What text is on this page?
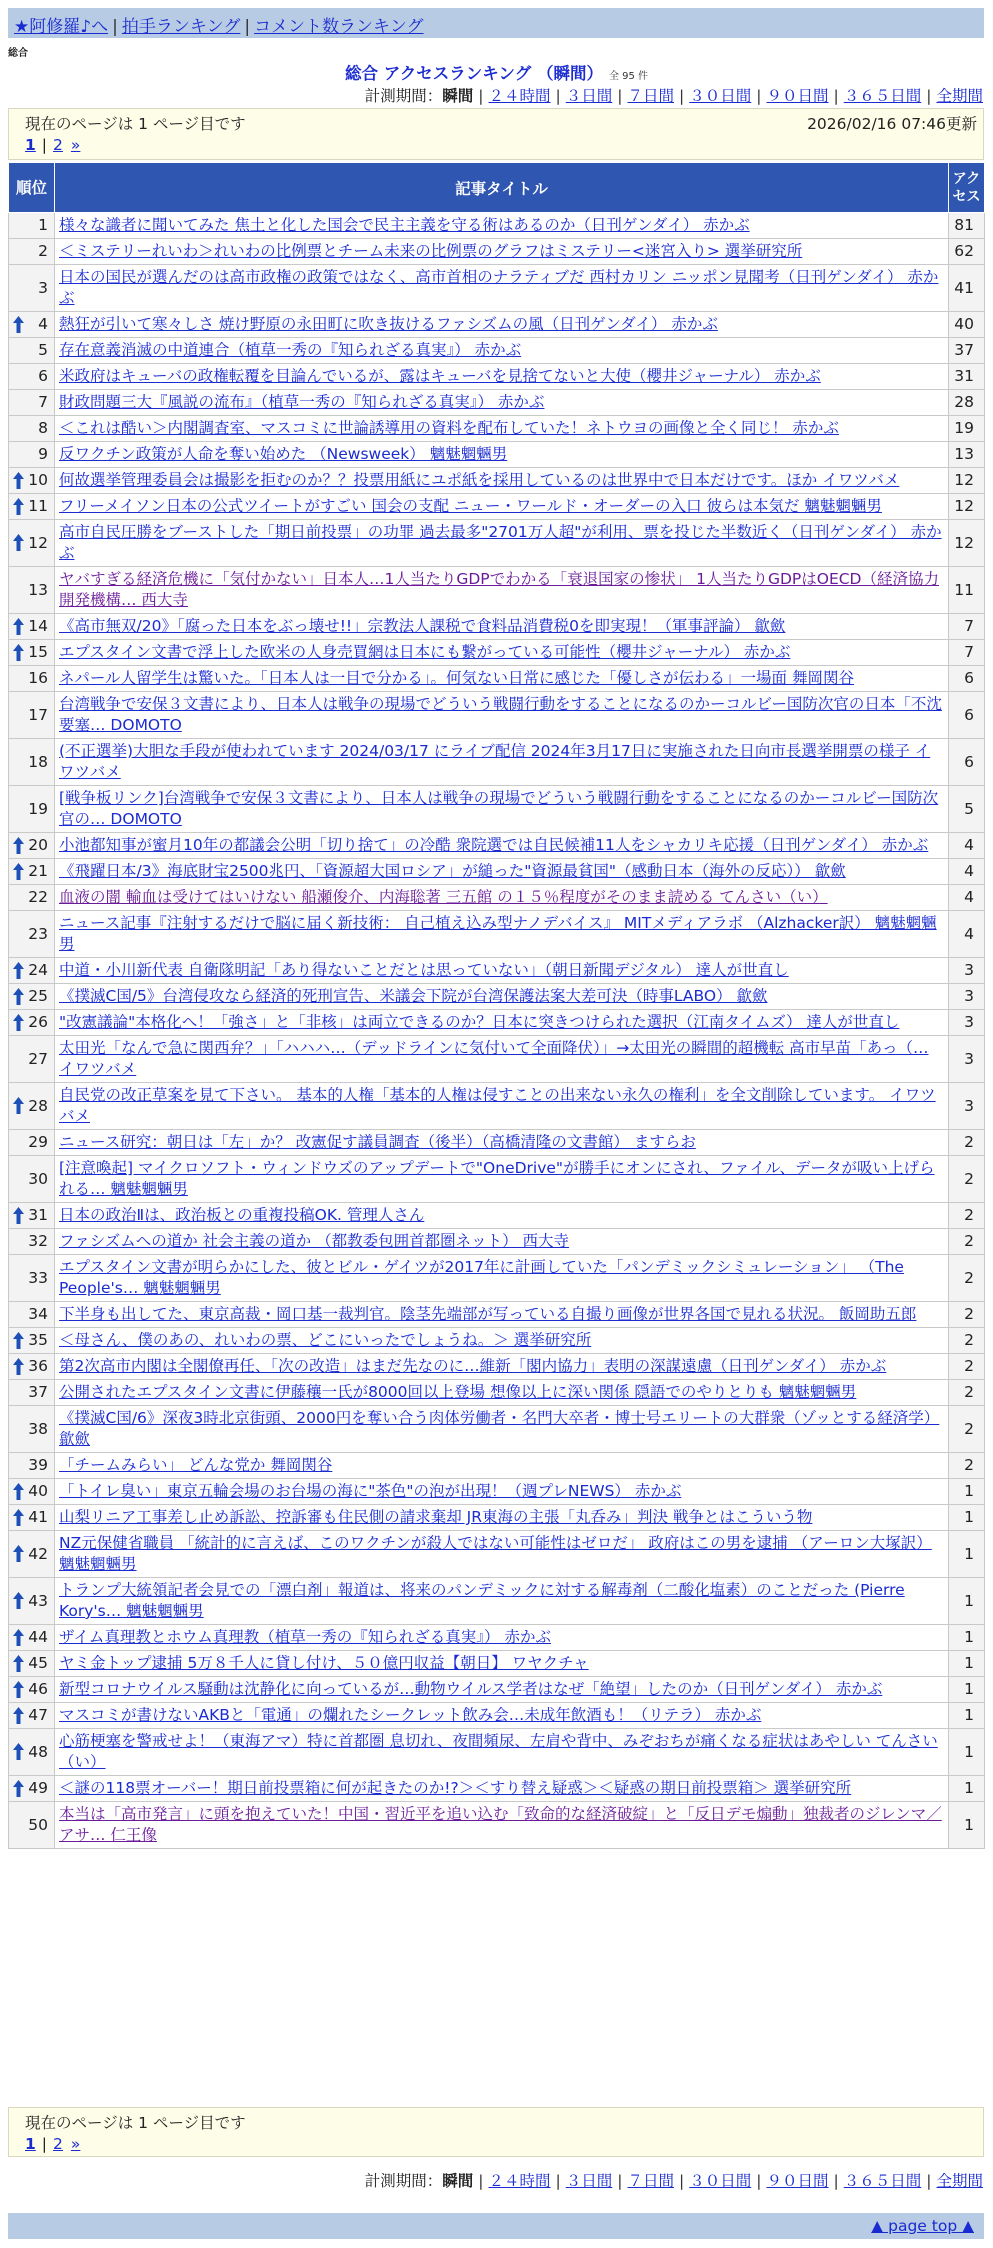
★阿修羅♪へ | 拍手ランキング | コメント数ランキング
総合
総合 アクセスランキング （瞬間） 全 95 件
計測期間：瞬間 | ２４時間 | ３日間 | ７日間 | ３０日間 | ９０日間 | ３６５日間 | 全期間
現在のページは 1 ページ目です	2026/02/16 07:46更新
1 | 2 »
順位	記事タイトル	アクセス
1	様々な識者に聞いてみた 焦土と化した国会で民主主義を守る術はあるのか（日刊ゲンダイ） 赤かぶ	81
2	＜ミステリーれいわ＞れいわの比例票とチーム未来の比例票のグラフはミステリー<迷宮入り> 選挙研究所	62
3	日本の国民が選んだのは高市政権の政策ではなく、高市首相のナラティブだ 西村カリン ニッポン見聞考（日刊ゲンダイ） 赤かぶ	41

4	熱狂が引いて寒々しさ 焼け野原の永田町に吹き抜けるファシズムの風（日刊ゲンダイ） 赤かぶ	40
5	存在意義消滅の中道連合（植草一秀の『知られざる真実』） 赤かぶ	37
6	米政府はキューバの政権転覆を目論んでいるが、露はキューバを見捨てないと大使（櫻井ジャーナル） 赤かぶ	31
7	財政問題三大『風説の流布』（植草一秀の『知られざる真実』） 赤かぶ	28
8	＜これは酷い＞内閣調査室、マスコミに世論誘導用の資料を配布していた！ネトウヨの画像と全く同じ！ 赤かぶ	19
9	反ワクチン政策が人命を奪い始めた （Newsweek） 魑魅魍魎男	13

10	何故選挙管理委員会は撮影を拒むのか？？投票用紙にユポ紙を採用しているのは世界中で日本だけです。ほか イワツバメ	12

11	フリーメイソン日本の公式ツイートがすごい 国会の支配 ニュー・ワールド・オーダーの入口 彼らは本気だ 魑魅魍魎男	12

12	高市自民圧勝をブーストした「期日前投票」の功罪 過去最多"2701万人超"が利用、票を投じた半数近く（日刊ゲンダイ） 赤かぶ	12
13	ヤバすぎる経済危機に「気付かない」日本人…1人当たりGDPでわかる「衰退国家の惨状」 1人当たりGDPはOECD（経済協力開発機構… 西大寺	11

14	《高市無双/20》「腐った日本をぶっ壊せ!!」宗教法人課税で食料品消費税0を即実現！（軍事評論） 歙歛	7

15	エプスタイン文書で浮上した欧米の人身売買網は日本にも繋がっている可能性（櫻井ジャーナル） 赤かぶ	7
16	ネパール人留学生は驚いた。「日本人は一目で分かる」。何気ない日常に感じた「優しさが伝わる」一場面 舞岡関谷	6
17	台湾戦争で安保３文書により、日本人は戦争の現場でどういう戦闘行動をすることになるのかーコルビー国防次官の日本「不沈要塞… DOMOTO	6
18	(不正選挙)大胆な手段が使われています 2024/03/17 にライブ配信 2024年3月17日に実施された日向市長選挙開票の様子 イワツバメ	6
19	[戦争板リンク]台湾戦争で安保３文書により、日本人は戦争の現場でどういう戦闘行動をすることになるのかーコルビー国防次官の… DOMOTO	5

20	小池都知事が蜜月10年の都議会公明「切り捨て」の冷酷 衆院選では自民候補11人をシャカリキ応援（日刊ゲンダイ） 赤かぶ	4

21	《飛躍日本/3》海底財宝2500兆円、「資源超大国ロシア」が縋った"資源最貧国"（感動日本（海外の反応）） 歙歛	4
22	血液の闇 輸血は受けてはいけない 船瀬俊介、内海聡著 三五館 の１５％程度がそのまま読める てんさい（い）	4
23	ニュース記事『注射するだけで脳に届く新技術： 自己植え込み型ナノデバイス』 MITメディアラボ （Alzhacker訳） 魑魅魍魎男	4

24	中道・小川新代表 自衛隊明記「あり得ないことだとは思っていない」（朝日新聞デジタル） 達人が世直し	3

25	《撲滅C国/5》台湾侵攻なら経済的死刑宣告、米議会下院が台湾保護法案大差可決（時事LABO） 歙歛	3

26	"改憲議論"本格化へ！「強さ」と「非核」は両立できるのか？日本に突きつけられた選択（江南タイムズ） 達人が世直し	3
27	太田光「なんで急に関西弁？」「ハハハ…（デッドラインに気付いて全面降伏）」→太田光の瞬間的超機転 高市早苗「あっ（… イワツバメ	3

28	自民党の改正草案を見て下さい。 基本的人権「基本的人権は侵すことの出来ない永久の権利」を全文削除しています。 イワツバメ	3
29	ニュース研究：朝日は「左」か？ 改憲促す議員調査（後半）（高橋清隆の文書館） ますらお	2
30	[注意喚起] マイクロソフト・ウィンドウズのアップデートで"OneDrive"が勝手にオンにされ、ファイル、データが吸い上げられる… 魑魅魍魎男	2

31	日本の政治Ⅱは、政治板との重複投稿OK. 管理人さん	2
32	ファシズムへの道か 社会主義の道か （都教委包囲首都圏ネット） 西大寺	2
33	エプスタイン文書が明らかにした、彼とビル・ゲイツが2017年に計画していた「パンデミックシミュレーション」 （The People's… 魑魅魍魎男	2
34	下半身も出してた、東京高裁・岡口基一裁判官。陰茎先端部が写っている自撮り画像が世界各国で見れる状況。 飯岡助五郎	2

35	＜母さん、僕のあの、れいわの票、どこにいったでしょうね。＞ 選挙研究所	2

36	第2次高市内閣は全閣僚再任、「次の改造」はまだ先なのに…維新「閣内協力」表明の深謀遠慮（日刊ゲンダイ） 赤かぶ	2
37	公開されたエプスタイン文書に伊藤穰一氏が8000回以上登場 想像以上に深い関係 隠語でのやりとりも 魑魅魍魎男	2
38	《撲滅C国/6》深夜3時北京街頭、2000円を奪い合う肉体労働者・名門大卒者・博士号エリートの大群衆（ゾッとする経済学） 歙歛	2
39	「チームみらい」 どんな党か 舞岡関谷	2

40	「トイレ臭い」東京五輪会場のお台場の海に"茶色"の泡が出現！（週プレNEWS） 赤かぶ	1

41	山梨リニア工事差し止め訴訟、控訴審も住民側の請求棄却 JR東海の主張「丸呑み」判決 戦争とはこういう物	1

42	NZ元保健省職員 「統計的に言えば、このワクチンが殺人ではない可能性はゼロだ」 政府はこの男を逮捕 （アーロン大塚訳） 魑魅魍魎男	1

43	トランプ大統領記者会見での「漂白剤」報道は、将来のパンデミックに対する解毒剤（二酸化塩素）のことだった (Pierre Kory's… 魑魅魍魎男	1

44	ザイム真理教とホウム真理教（植草一秀の『知られざる真実』） 赤かぶ	1

45	ヤミ金トップ逮捕 5万８千人に貸し付け、５０億円収益【朝日】 ワヤクチャ	1

46	新型コロナウイルス騒動は沈静化に向っているが…動物ウイルス学者はなぜ「絶望」したのか（日刊ゲンダイ） 赤かぶ	1

47	マスコミが書けないAKBと「電通」の爛れたシークレット飲み会…未成年飲酒も！（リテラ） 赤かぶ	1

48	心筋梗塞を警戒せよ！（東海アマ）特に首都圏 息切れ、夜間頻尿、左肩や背中、みぞおちが痛くなる症状はあやしい てんさい（い）	1

49	＜謎の118票オーバー！期日前投票箱に何が起きたのか!?＞＜すり替え疑惑＞＜疑惑の期日前投票箱＞ 選挙研究所	1
50	本当は「高市発言」に頭を抱えていた！中国・習近平を追い込む「致命的な経済破綻」と「反日デモ煽動」独裁者のジレンマ／アサ… 仁王像	1
現在のページは 1 ページ目です
1 | 2 »
計測期間：瞬間 | ２４時間 | ３日間 | ７日間 | ３０日間 | ９０日間 | ３６５日間 | 全期間
▲ page top ▲
